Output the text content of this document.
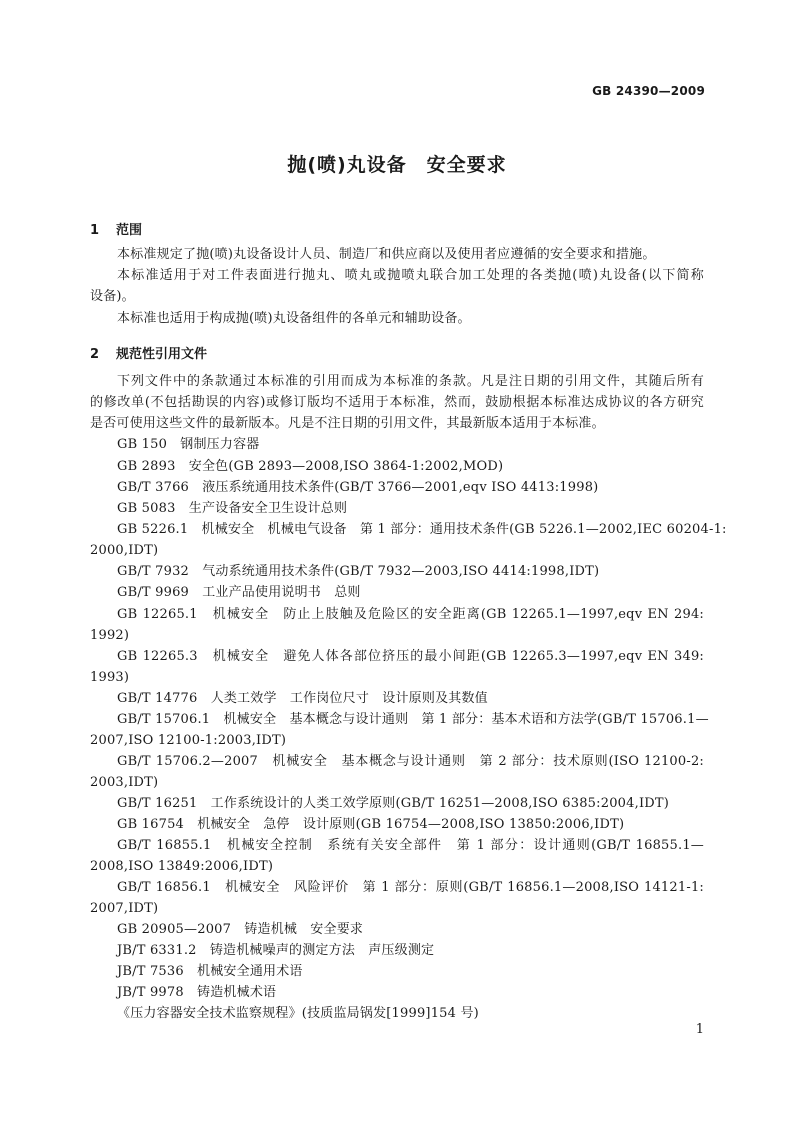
GB 24390—2009
抛(喷)丸设备　安全要求
1 范围
本标准规定了抛(喷)丸设备设计人员、制造厂和供应商以及使用者应遵循的安全要求和措施。
本标准适用于对工件表面进行抛丸、喷丸或抛喷丸联合加工处理的各类抛(喷)丸设备(以下简称
设备)。
本标准也适用于构成抛(喷)丸设备组件的各单元和辅助设备。
2 规范性引用文件
下列文件中的条款通过本标准的引用而成为本标准的条款。凡是注日期的引用文件，其随后所有
的修改单(不包括勘误的内容)或修订版均不适用于本标准，然而，鼓励根据本标准达成协议的各方研究
是否可使用这些文件的最新版本。凡是不注日期的引用文件，其最新版本适用于本标准。
GB 150　钢制压力容器
GB 2893　安全色(GB 2893—2008,ISO 3864-1:2002,MOD)
GB/T 3766　液压系统通用技术条件(GB/T 3766—2001,eqv ISO 4413:1998)
GB 5083　生产设备安全卫生设计总则
GB 5226.1　机械安全　机械电气设备　第 1 部分：通用技术条件(GB 5226.1—2002,IEC 60204-1:
2000,IDT)
GB/T 7932　气动系统通用技术条件(GB/T 7932—2003,ISO 4414:1998,IDT)
GB/T 9969　工业产品使用说明书　总则
GB 12265.1　机械安全　防止上肢触及危险区的安全距离(GB 12265.1—1997,eqv EN 294:
1992)
GB 12265.3　机械安全　避免人体各部位挤压的最小间距(GB 12265.3—1997,eqv EN 349:
1993)
GB/T 14776　人类工效学　工作岗位尺寸　设计原则及其数值
GB/T 15706.1　机械安全　基本概念与设计通则　第 1 部分：基本术语和方法学(GB/T 15706.1—
2007,ISO 12100-1:2003,IDT)
GB/T 15706.2—2007　机械安全　基本概念与设计通则　第 2 部分：技术原则(ISO 12100-2:
2003,IDT)
GB/T 16251　工作系统设计的人类工效学原则(GB/T 16251—2008,ISO 6385:2004,IDT)
GB 16754　机械安全　急停　设计原则(GB 16754—2008,ISO 13850:2006,IDT)
GB/T 16855.1　机械安全控制　系统有关安全部件　第 1 部分：设计通则(GB/T 16855.1—
2008,ISO 13849:2006,IDT)
GB/T 16856.1　机械安全　风险评价　第 1 部分：原则(GB/T 16856.1—2008,ISO 14121-1:
2007,IDT)
GB 20905—2007　铸造机械　安全要求
JB/T 6331.2　铸造机械噪声的测定方法　声压级测定
JB/T 7536　机械安全通用术语
JB/T 9978　铸造机械术语
《压力容器安全技术监察规程》(技质监局锅发[1999]154 号)
1
